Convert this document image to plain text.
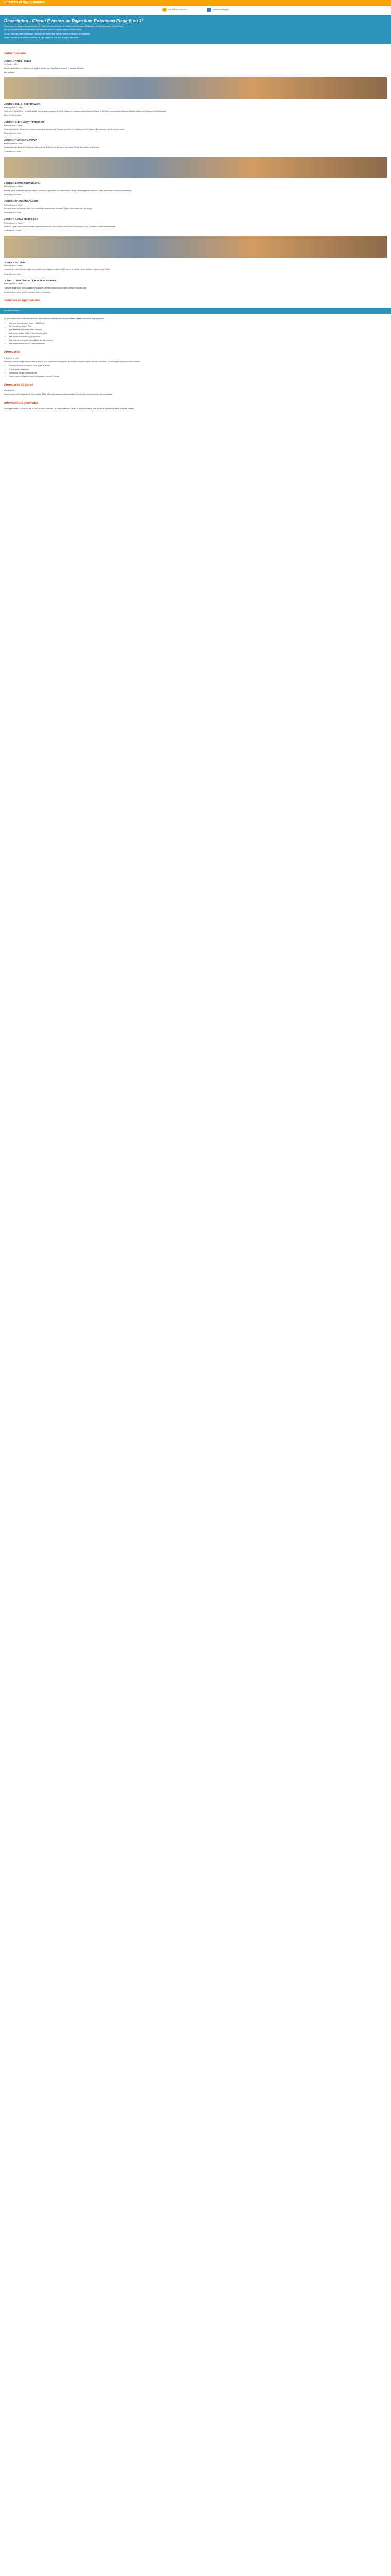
Services et équipements
Guide francophone	Hôtels Heritages
Description - Circuit Evasion au Rajasthan Extension Plage 6 ou 3*

Partez pour un voyage exceptionnel entre le Palais, les forts, la culture, la tradition et la richesse du Rajasthan, l'un des plus beaux états de l'Inde.

Les plus grands monuments de l'Inde vous attendent dans ce voyage unique en Inde du Nord.

Du Taj Mahal aux palais Maharajah, découvrez les villes roses, bleues, dorées et blanches du Rajasthan.

Profitez ensuite d'une extension balnéaire sur les plages de Goa pour un repos bien mérité.

Votre itinéraire
JOUR 1 : PARIS / DELHI
Vol Paris / Delhi

Envol à destination de Delhi sur vol régulier. Arrivée tard dans la nuit, accueil et transfert à l'hôtel.

Nuit à l'hôtel.

JOUR 2 : DELHI / SHEKHAWATI
Petit déjeuner à l'hôtel.

Visite de la Vieille Delhi : le Jama Masjid, plus grande mosquée de l'Inde, balade en rickshaw dans Chandni Chowk, le Raj Ghat, mémorial du Mahatma Gandhi. Départ vers la région du Shekhawati.

Dîner et nuit à l'hôtel.

JOUR 3 : SHEKHAWATI / PUSHKAR
Petit déjeuner à l'hôtel.

Visite des havelis, demeures de riches marchands décorées de fresques colorées. Continuation vers Pushkar, ville sainte au bord de son lac sacré.

Dîner et nuit à l'hôtel.

JOUR 4 : PUSHKAR / JAIPUR
Petit déjeuner à l'hôtel.

Découverte des ghats de Pushkar et du temple de Brahma, l'un des seuls au monde. Route vers Jaipur, la ville rose.

Dîner et nuit à l'hôtel.

JOUR 5 : JAIPUR / BHANDAREJ
Petit déjeuner à l'hôtel.

Montée à dos d'éléphant au Fort d'Amber. Visite du City Palace, de l'observatoire Jantar Mantar et photo devant le Palais des Vents. Route vers Bhandarej.

Dîner et nuit à l'hôtel.

JOUR 6 : BHANDAREJ / AGRA
Petit déjeuner à l'hôtel.

En route visite de Fatehpur Sikri, la cité impériale abandonnée. Arrivée à Agra et découverte du Fort Rouge.

Dîner et nuit à l'hôtel.

JOUR 7 : AGRA / DELHI / GOA
Petit déjeuner à l'hôtel.

Visite du Taj Mahal au lever du soleil, symbole éternel de l'amour. Retour vers Delhi et envol pour Goa. Transfert à votre hôtel balnéaire.

Dîner et nuit à l'hôtel.

JOUR 8 à 10 : GOA
Petit déjeuner à l'hôtel.

Journées libres en formule séjour pour profiter des plages de sable fin de Goa, de la piscine et des activités proposées par l'hôtel.

Dîner et nuit à l'hôtel.

JOUR 11 : GOA / DELHI / DIRECTION EUROPE
Petit déjeuner à l'hôtel.

Transfert à l'aéroport de Goa et envol vers Delhi, correspondance pour votre vol retour vers l'Europe.

Arrivée le jour même ou le lendemain selon les horaires.

Services et équipements
Prix de ce circuit :

Ce prix comprend les vols internationaux, les transferts, l'hébergement, les repas et les visites mentionnés au programme.

• Les vols internationaux Paris / Delhi / Paris
• Le vol intérieur Delhi / Goa
• Les transferts aéroport / hôtel / aéroport
• L'hébergement en hôtels 3* ou 4* selon option
• Les repas mentionnés au programme
• Les services d'un guide francophone durant le circuit
• Les droits d'entrée sur les sites mentionnés
Formalités
Passeport et visa

Passeport valide 6 mois après la date de retour. Visa électronique obligatoire à demander avant le départ. Vaccins conseillés : se renseigner auprès de votre médecin.

• Passeport valide au moins 6 mois après le retour
• E-visa indien obligatoire
• Assurance voyage recommandée
• Aucun vaccin obligatoire pour les voyageurs venant d'Europe
Formalités de santé
Vaccinations

Aucun vaccin n'est obligatoire. Il est conseillé d'être à jour des vaccins universels et de prévoir une protection contre les moustiques.

Informations générales

Décalage horaire : + 3h30 en été, + 4h30 en hiver. Monnaie : la roupie indienne. Climat : la meilleure saison pour visiter le Rajasthan s'étend d'octobre à mars.
